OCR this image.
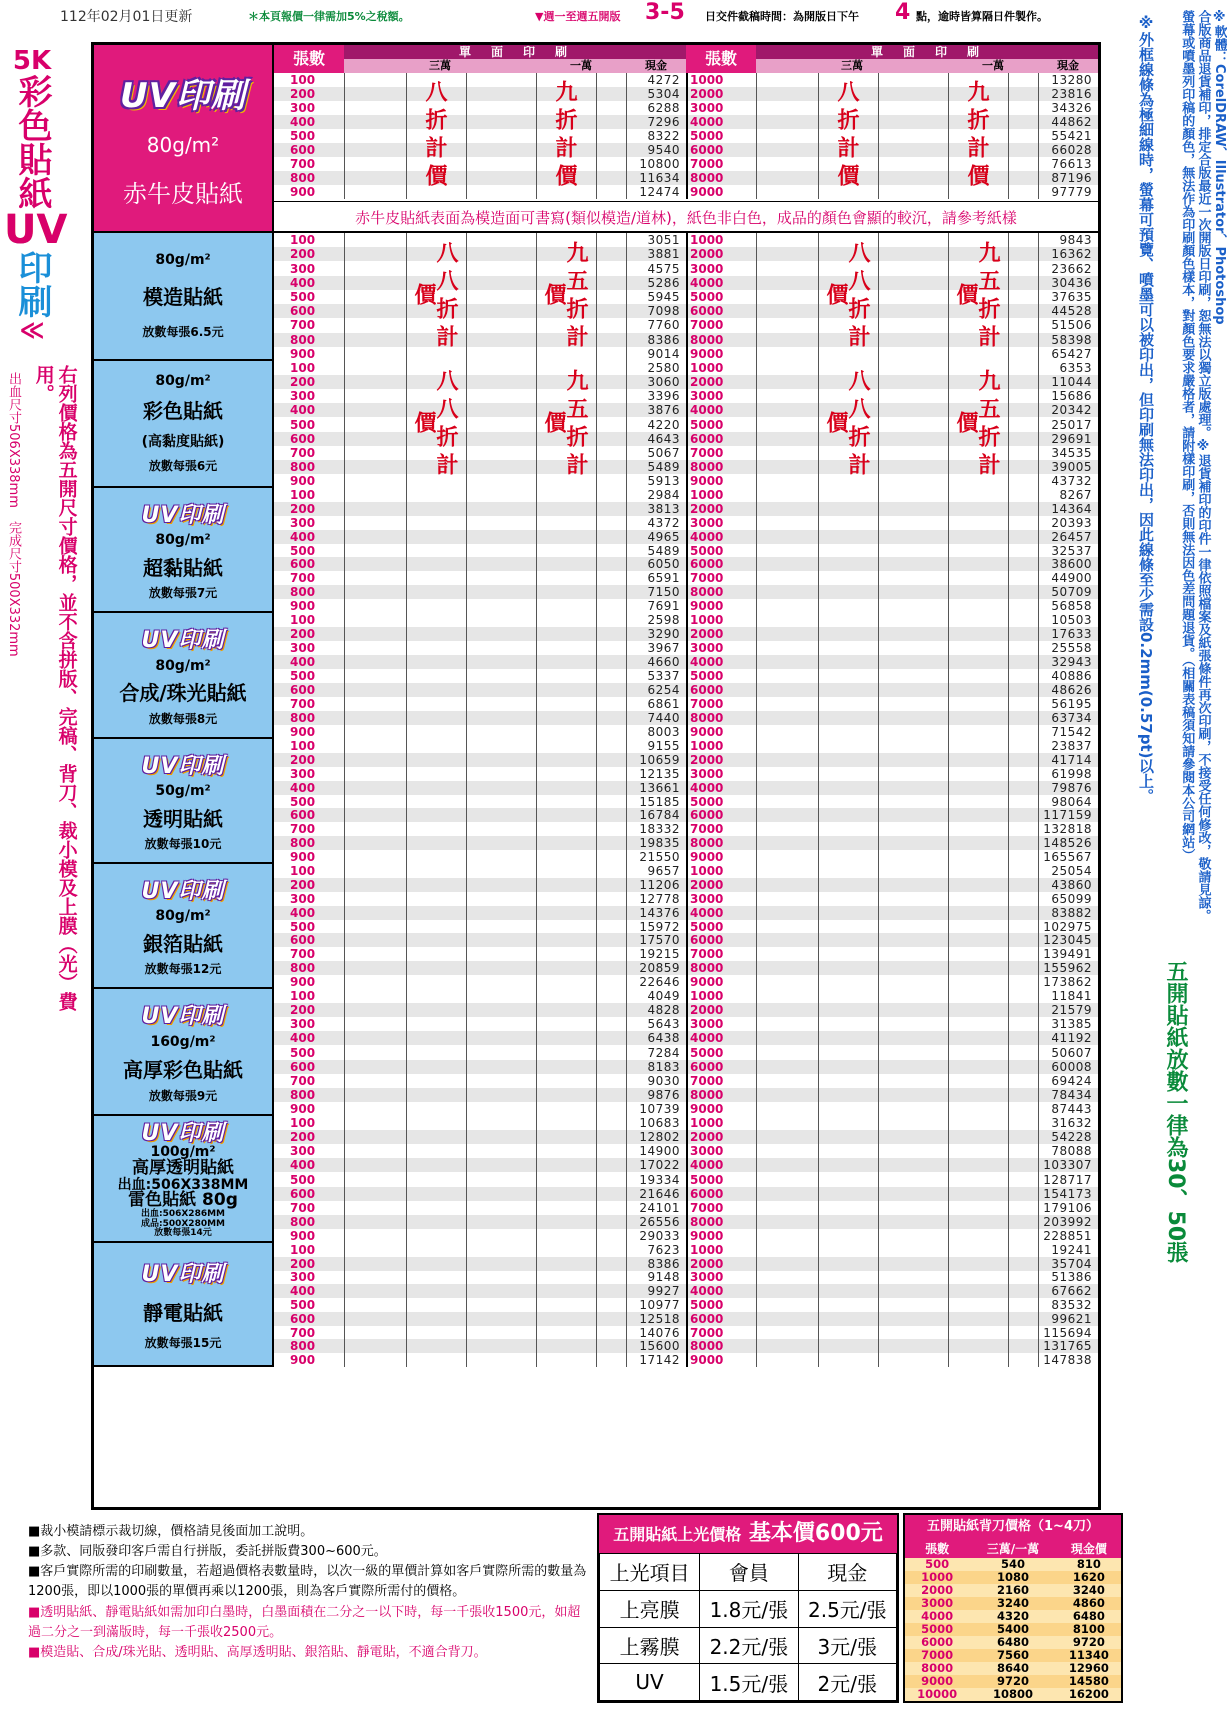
112年02月01日更新	＊本頁報價一律需加5%之稅額。	▼週一至週五開版 3-5 日交件截稿時間：為開版日下午 4 點，逾時皆算隔日件製作。
5K
彩色貼紙
UV
印刷
≪
右列價格為五開尺寸價格，並不含拼版、完稿、背刀、裁小模及上膜（光）費用。
出血尺寸506X338mm　完成尺寸500X332mm
張數	單　面　印　刷
三萬	一萬	現金	張數	單　面　印　刷
三萬	一萬	現金
UV印刷
80g/m²
赤牛皮貼紙
100	4272 1000	13280
200	5304 2000	23816
300	6288 3000	34326
400	7296 4000	44862
500	8322 5000	55421
600	9540 6000	66028
700	10800 7000	76613
800	11634 8000	87196
900	12474 9000	97779
八折計價	九折計價	八折計價	九折計價
赤牛皮貼紙表面為模造面可書寫(類似模造/道林)，紙色非白色，成品的顏色會顯的較沉，請參考紙樣
80g/m²
模造貼紙
放數每張6.5元
100	3051 1000	9843
200	3881 2000	16362
300	4575 3000	23662
400	5286 4000	30436
500	5945 5000	37635
600	7098 6000	44528
700	7760 7000	51506
800	8386 8000	58398
900	9014 9000	65427
八八折計價	九五折計價	八八折計價	九五折計價
80g/m²
彩色貼紙
(高黏度貼紙)
放數每張6元
100	2580 1000	6353
200	3060 2000	11044
300	3396 3000	15686
400	3876 4000	20342
500	4220 5000	25017
600	4643 6000	29691
700	5067 7000	34535
800	5489 8000	39005
900	5913 9000	43732
八八折計價	九五折計價	八八折計價	九五折計價
UV印刷
80g/m²
超黏貼紙
放數每張7元
100	2984 1000	8267
200	3813 2000	14364
300	4372 3000	20393
400	4965 4000	26457
500	5489 5000	32537
600	6050 6000	38600
700	6591 7000	44900
800	7150 8000	50709
900	7691 9000	56858
UV印刷
80g/m²
合成/珠光貼紙
放數每張8元
100	2598 1000	10503
200	3290 2000	17633
300	3967 3000	25558
400	4660 4000	32943
500	5337 5000	40886
600	6254 6000	48626
700	6861 7000	56195
800	7440 8000	63734
900	8003 9000	71542
UV印刷
50g/m²
透明貼紙
放數每張10元
100	9155 1000	23837
200	10659 2000	41714
300	12135 3000	61998
400	13661 4000	79876
500	15185 5000	98064
600	16784 6000	117159
700	18332 7000	132818
800	19835 8000	148526
900	21550 9000	165567
UV印刷
80g/m²
銀箔貼紙
放數每張12元
100	9657 1000	25054
200	11206 2000	43860
300	12778 3000	65099
400	14376 4000	83882
500	15972 5000	102975
600	17570 6000	123045
700	19215 7000	139491
800	20859 8000	155962
900	22646 9000	173862
UV印刷
160g/m²
高厚彩色貼紙
放數每張9元
100	4049 1000	11841
200	4828 2000	21579
300	5643 3000	31385
400	6438 4000	41192
500	7284 5000	50607
600	8183 6000	60008
700	9030 7000	69424
800	9876 8000	78434
900	10739 9000	87443
UV印刷
100g/m²
高厚透明貼紙
出血:506X338MM
雷色貼紙 80g
出血:506X286MM
成品:500X280MM
放數每張14元
100	10683 1000	31632
200	12802 2000	54228
300	14900 3000	78088
400	17022 4000	103307
500	19334 5000	128717
600	21646 6000	154173
700	24101 7000	179106
800	26556 8000	203992
900	29033 9000	228851
UV印刷
靜電貼紙
放數每張15元
100	7623 1000	19241
200	8386 2000	35704
300	9148 3000	51386
400	9927 4000	67662
500	10977 5000	83532
600	12518 6000	99621
700	14076 7000	115694
800	15600 8000	131765
900	17142 9000	147838
※軟體：CorelDRAW、Illustrator、Photoshop
合版商品退貨補印，排定合版最近一次開版日印刷，恕無法以獨立版處理。※退貨補印的印件一律依照檔案及紙張條件再次印刷，不接受任何修改，敬請見諒。
螢幕或噴墨列印稿的顏色，無法作為印刷顏色樣本，對顏色要求嚴格者，請附樣印刷，否則無法因色差問題退貨。（相關表稿須知請參閱本公司網站）
※外框線條為極細線時，螢幕可預覽、噴墨可以被印出，但印刷無法印出，因此線條至少需設0.2mm(0.57pt)以上。
五開貼紙放數一律為30、50張

■裁小模請標示裁切線，價格請見後面加工說明。

■多款、同版發印客戶需自行拼版，委託拼版費300~600元。

■客戶實際所需的印刷數量，若超過價格表數量時，以次一級的單價計算如客戶實際所需的數量為1200張，即以1000張的單價再乘以1200張，則為客戶實際所需付的價格。

■透明貼紙、靜電貼紙如需加印白墨時，白墨面積在二分之一以下時，每一千張收1500元，如超過二分之一到滿版時，每一千張收2500元。

■模造貼、合成/珠光貼、透明貼、高厚透明貼、銀箔貼、靜電貼，不適合背刀。

五開貼紙上光價格 基本價600元
上光項目	會員	現金
上亮膜	1.8元/張	2.5元/張
上霧膜	2.2元/張	3元/張
UV	1.5元/張	2元/張
五開貼紙背刀價格（1~4刀）
張數	三萬/一萬	現金價
500	540	810
1000	1080	1620
2000	2160	3240
3000	3240	4860
4000	4320	6480
5000	5400	8100
6000	6480	9720
7000	7560	11340
8000	8640	12960
9000	9720	14580
10000	10800	16200
